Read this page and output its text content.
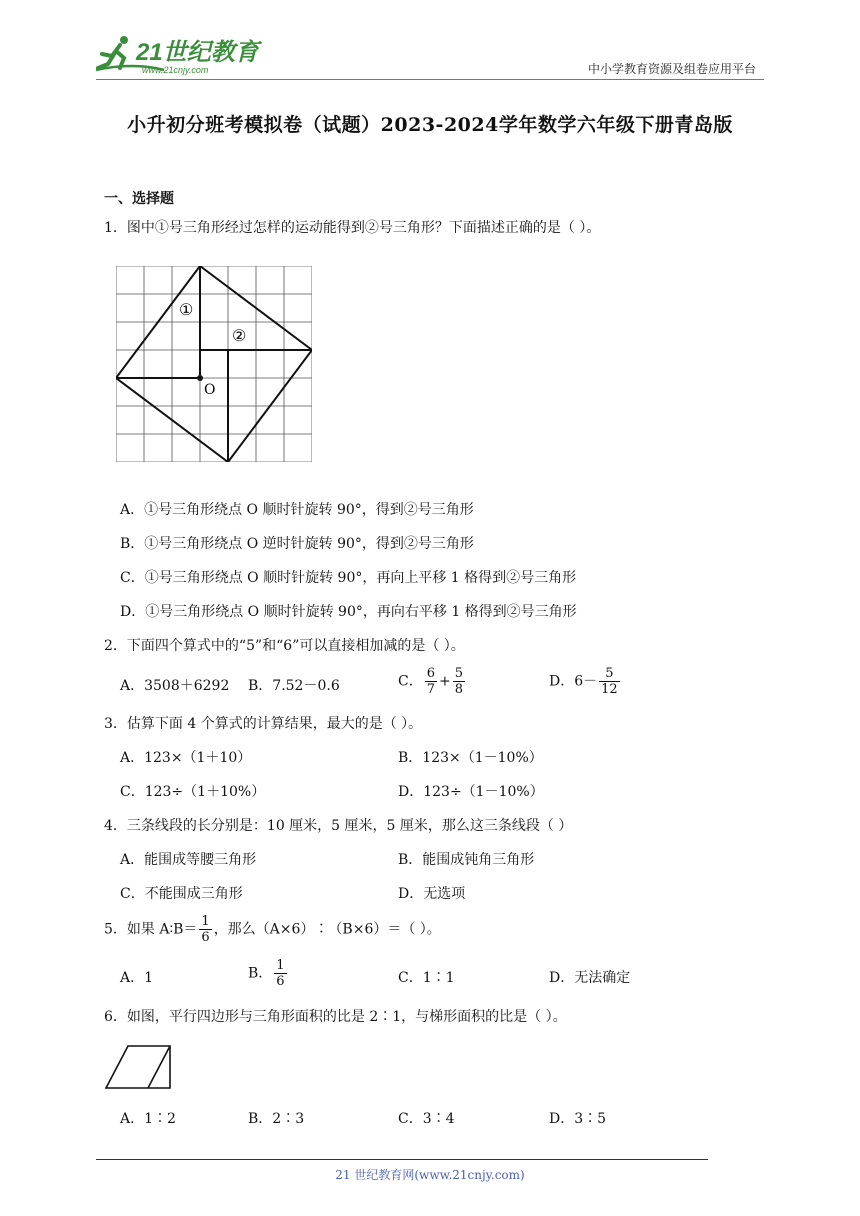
21世纪教育
www.21cnjy.com	中小学教育资源及组卷应用平台
小升初分班考模拟卷（试题）2023-2024学年数学六年级下册青岛版
一、选择题
1．图中①号三角形经过怎样的运动能得到②号三角形？下面描述正确的是（ ）。
①
②
O
A．①号三角形绕点 O 顺时针旋转 90°，得到②号三角形
B．①号三角形绕点 O 逆时针旋转 90°，得到②号三角形
C．①号三角形绕点 O 顺时针旋转 90°，再向上平移 1 格得到②号三角形
D．①号三角形绕点 O 顺时针旋转 90°，再向右平移 1 格得到②号三角形
2．下面四个算式中的“5”和“6”可以直接相加减的是（ ）。
A．3508＋6292 B．7.52－0.6	C． $\frac{6}{7} + \frac{5}{8}$	D．$6- \frac{5}{12}$
3．估算下面 4 个算式的计算结果，最大的是（ ）。
A．123×（1＋10）	B．123×（1－10%）
C．123÷（1＋10%）	D．123÷（1－10%）
4．三条线段的长分别是：10 厘米，5 厘米，5 厘米，那么这三条线段（ ）
A．能围成等腰三角形	B．能围成钝角三角形
C．不能围成三角形	D．无选项
5．如果 A∶B＝ $\frac{1}{6}$ ，那么（A×6）∶（B×6）＝（ ）。
A．1	B． $\frac{1}{6}$	C．1∶1	D．无法确定
6．如图，平行四边形与三角形面积的比是 2∶1，与梯形面积的比是（ ）。
A．1∶2	B．2∶3	C．3∶4	D．3∶5
21 世纪教育网(www.21cnjy.com)
